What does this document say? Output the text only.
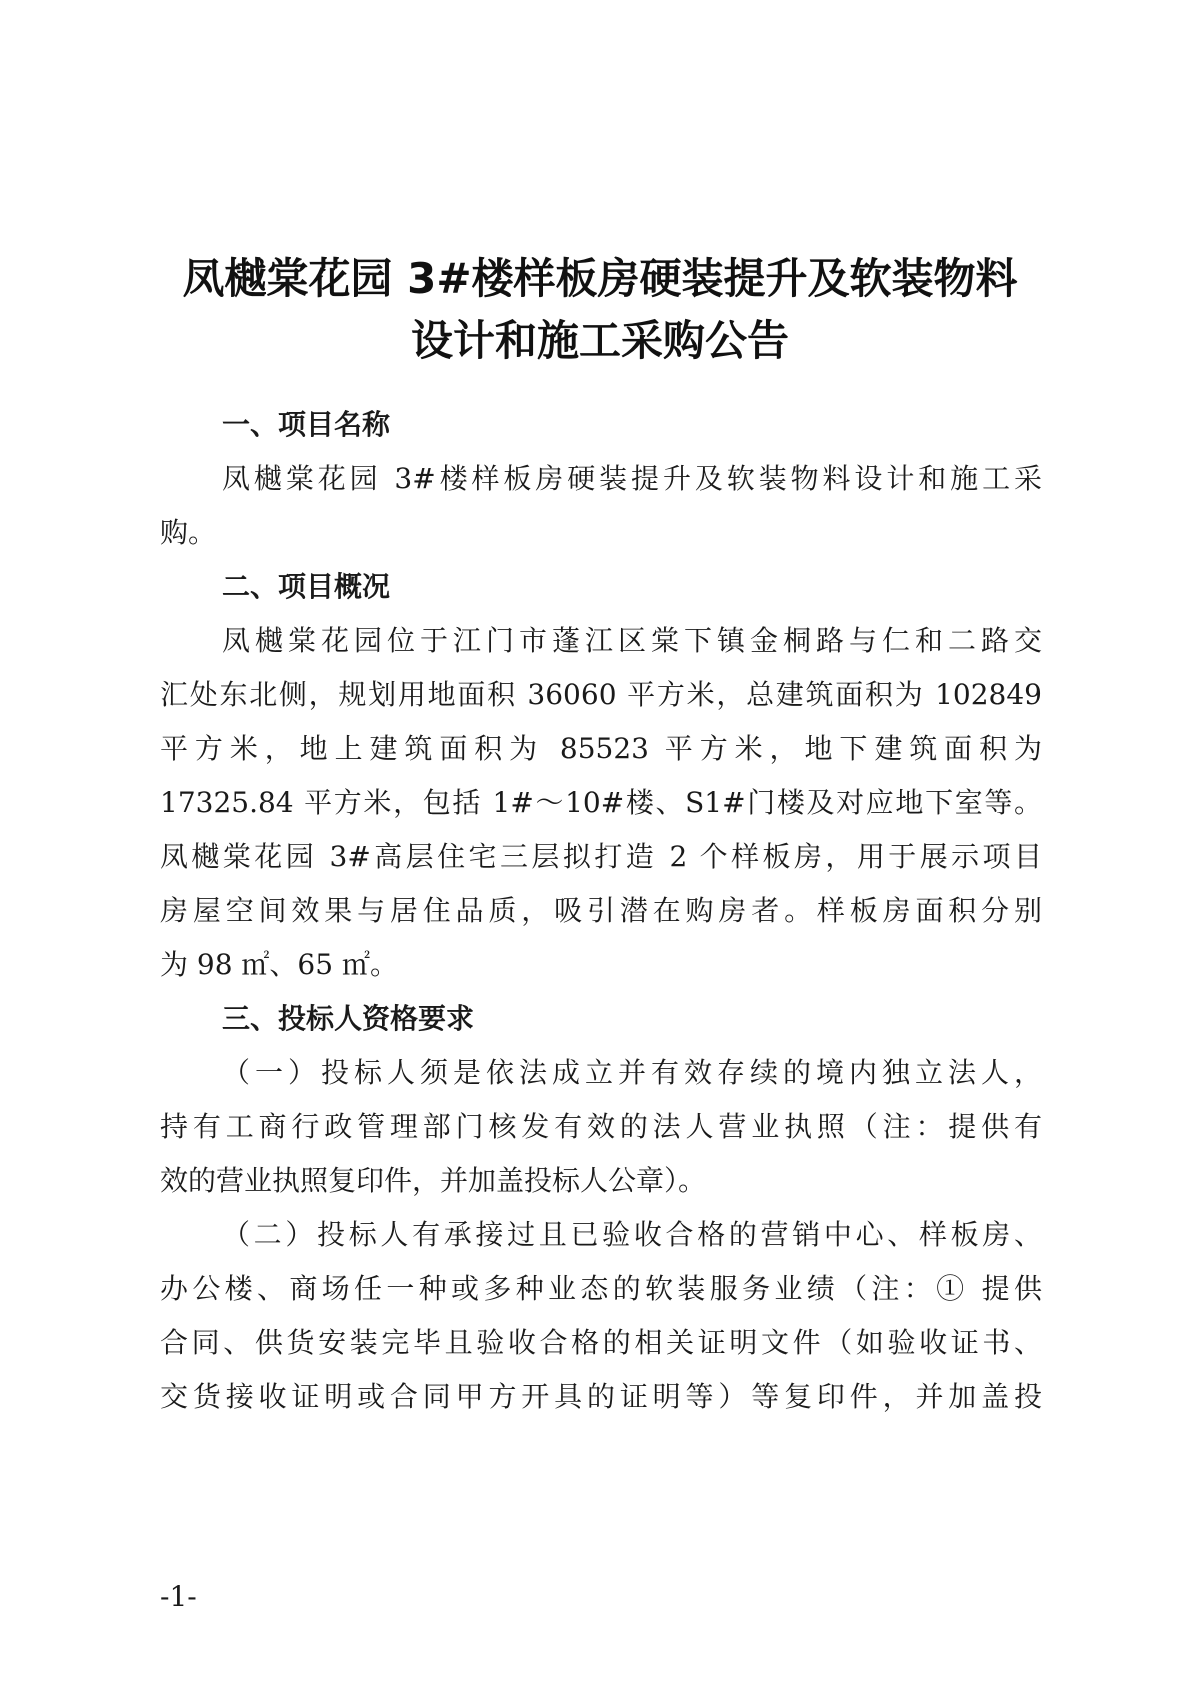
凤樾棠花园 3#楼样板房硬装提升及软装物料
设计和施工采购公告
一、项目名称
凤樾棠花园 3#楼样板房硬装提升及软装物料设计和施工采
购。
二、项目概况
凤樾棠花园位于江门市蓬江区棠下镇金桐路与仁和二路交
汇处东北侧，规划用地面积 36060 平方米，总建筑面积为 102849
平方米，地上建筑面积为 85523 平方米，地下建筑面积为
17325.84 平方米，包括 1#～10#楼、S1#门楼及对应地下室等。
凤樾棠花园 3#高层住宅三层拟打造 2 个样板房，用于展示项目
房屋空间效果与居住品质，吸引潜在购房者。样板房面积分别
为 98 ㎡、65 ㎡。
三、投标人资格要求
（一）投标人须是依法成立并有效存续的境内独立法人，
持有工商行政管理部门核发有效的法人营业执照（注：提供有
效的营业执照复印件，并加盖投标人公章）。
（二）投标人有承接过且已验收合格的营销中心、样板房、
办公楼、商场任一种或多种业态的软装服务业绩（注：① 提供
合同、供货安装完毕且验收合格的相关证明文件（如验收证书、
交货接收证明或合同甲方开具的证明等）等复印件，并加盖投
-1-
